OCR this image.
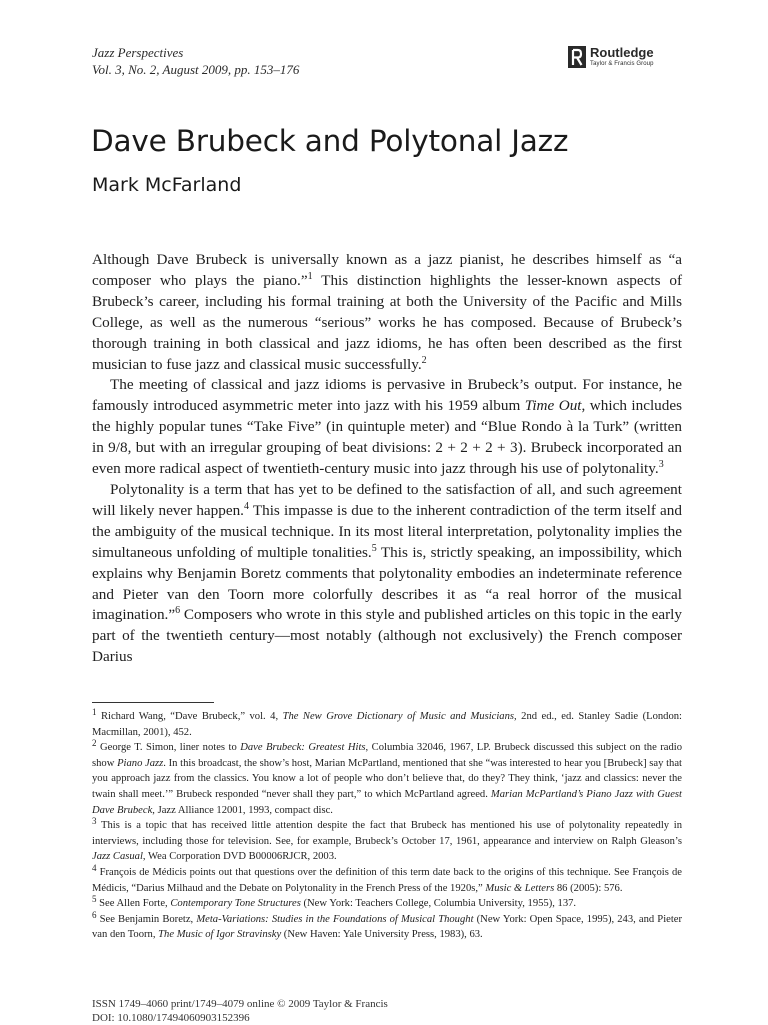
Jazz Perspectives
Vol. 3, No. 2, August 2009, pp. 153–176
Routledge
Taylor & Francis Group
Dave Brubeck and Polytonal Jazz
Mark McFarland

Although Dave Brubeck is universally known as a jazz pianist, he describes himself as “a composer who plays the piano.”$^1$ This distinction highlights the lesser-known aspects of Brubeck’s career, including his formal training at both the University of the Pacific and Mills College, as well as the numerous “serious” works he has composed. Because of Brubeck’s thorough training in both classical and jazz idioms, he has often been described as the first musician to fuse jazz and classical music successfully.$^2$

The meeting of classical and jazz idioms is pervasive in Brubeck’s output. For instance, he famously introduced asymmetric meter into jazz with his 1959 album Time Out, which includes the highly popular tunes “Take Five” (in quintuple meter) and “Blue Rondo à la Turk” (written in 9/8, but with an irregular grouping of beat divisions: 2 + 2 + 2 + 3). Brubeck incorporated an even more radical aspect of twentieth-century music into jazz through his use of polytonality.$^3$

Polytonality is a term that has yet to be defined to the satisfaction of all, and such agreement will likely never happen.$^4$ This impasse is due to the inherent contradiction of the term itself and the ambiguity of the musical technique. In its most literal interpretation, polytonality implies the simultaneous unfolding of multiple tonalities.$^5$ This is, strictly speaking, an impossibility, which explains why Benjamin Boretz comments that polytonality embodies an indeterminate reference and Pieter van den Toorn more colorfully describes it as “a real horror of the musical imagination.”$^6$ Composers who wrote in this style and published articles on this topic in the early part of the twentieth century—most notably (although not exclusively) the French composer Darius

$^1$ Richard Wang, “Dave Brubeck,” vol. 4, The New Grove Dictionary of Music and Musicians, 2nd ed., ed. Stanley Sadie (London: Macmillan, 2001), 452.
$^2$ George T. Simon, liner notes to Dave Brubeck: Greatest Hits, Columbia 32046, 1967, LP. Brubeck discussed this subject on the radio show Piano Jazz. In this broadcast, the show’s host, Marian McPartland, mentioned that she “was interested to hear you [Brubeck] say that you approach jazz from the classics. You know a lot of people who don’t believe that, do they? They think, ‘jazz and classics: never the twain shall meet.’” Brubeck responded “never shall they part,” to which McPartland agreed. Marian McPartland’s Piano Jazz with Guest Dave Brubeck, Jazz Alliance 12001, 1993, compact disc.
$^3$ This is a topic that has received little attention despite the fact that Brubeck has mentioned his use of polytonality repeatedly in interviews, including those for television. See, for example, Brubeck’s October 17, 1961, appearance and interview on Ralph Gleason’s Jazz Casual, Wea Corporation DVD B00006RJCR, 2003.
$^4$ François de Médicis points out that questions over the definition of this term date back to the origins of this technique. See François de Médicis, “Darius Milhaud and the Debate on Polytonality in the French Press of the 1920s,” Music & Letters 86 (2005): 576.
$^5$ See Allen Forte, Contemporary Tone Structures (New York: Teachers College, Columbia University, 1955), 137.
$^6$ See Benjamin Boretz, Meta-Variations: Studies in the Foundations of Musical Thought (New York: Open Space, 1995), 243, and Pieter van den Toorn, The Music of Igor Stravinsky (New Haven: Yale University Press, 1983), 63.
ISSN 1749–4060 print/1749–4079 online © 2009 Taylor & Francis
DOI: 10.1080/17494060903152396
